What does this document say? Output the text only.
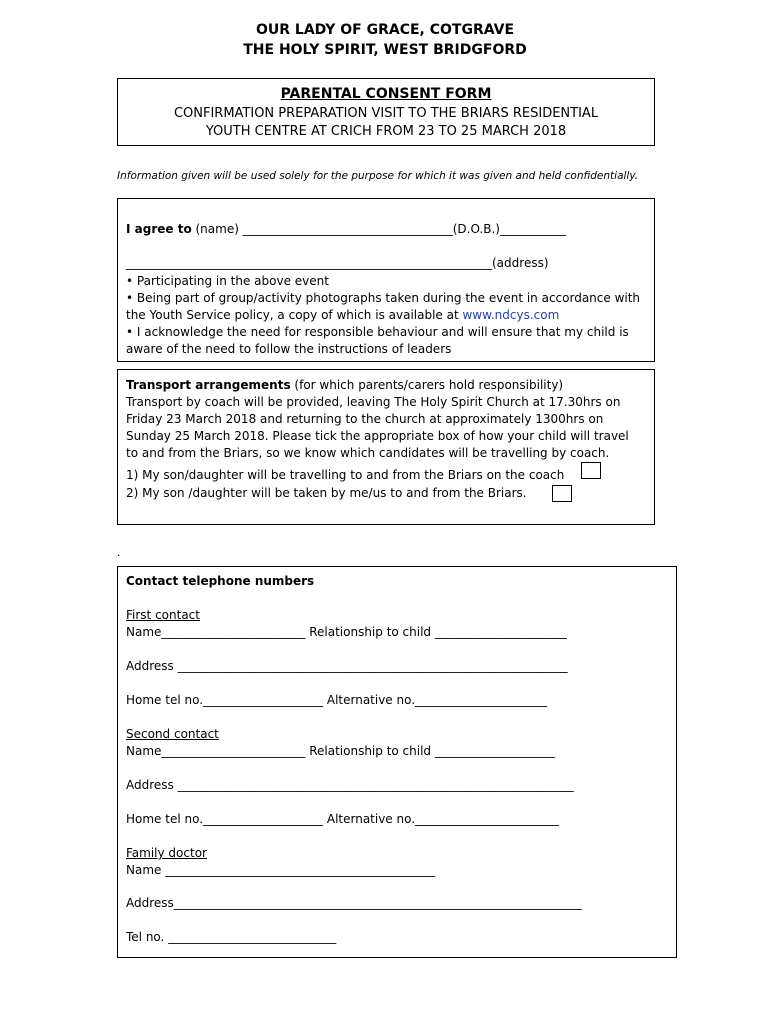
OUR LADY OF GRACE, COTGRAVE
THE HOLY SPIRIT, WEST BRIDGFORD
PARENTAL CONSENT FORM
CONFIRMATION PREPARATION VISIT TO THE BRIARS RESIDENTIAL
YOUTH CENTRE AT CRICH FROM 23 TO 25 MARCH 2018
Information given will be used solely for the purpose for which it was given and held confidentially.
I agree to (name) ___________________________________(D.O.B.)___________
_____________________________________________________________(address)
• Participating in the above event
• Being part of group/activity photographs taken during the event in accordance with
the Youth Service policy, a copy of which is available at www.ndcys.com
• I acknowledge the need for responsible behaviour and will ensure that my child is
aware of the need to follow the instructions of leaders
Transport arrangements (for which parents/carers hold responsibility)
Transport by coach will be provided, leaving The Holy Spirit Church at 17.30hrs on
Friday 23 March 2018 and returning to the church at approximately 1300hrs on
Sunday 25 March 2018. Please tick the appropriate box of how your child will travel
to and from the Briars, so we know which candidates will be travelling by coach.
1) My son/daughter will be travelling to and from the Briars on the coach
2) My son /daughter will be taken by me/us to and from the Briars.
.
Contact telephone numbers
First contact
Name________________________ Relationship to child ______________________
Address _________________________________________________________________
Home tel no.____________________ Alternative no.______________________
Second contact
Name________________________ Relationship to child ____________________
Address __________________________________________________________________
Home tel no.____________________ Alternative no.________________________
Family doctor
Name _____________________________________________
Address____________________________________________________________________
Tel no. ____________________________
